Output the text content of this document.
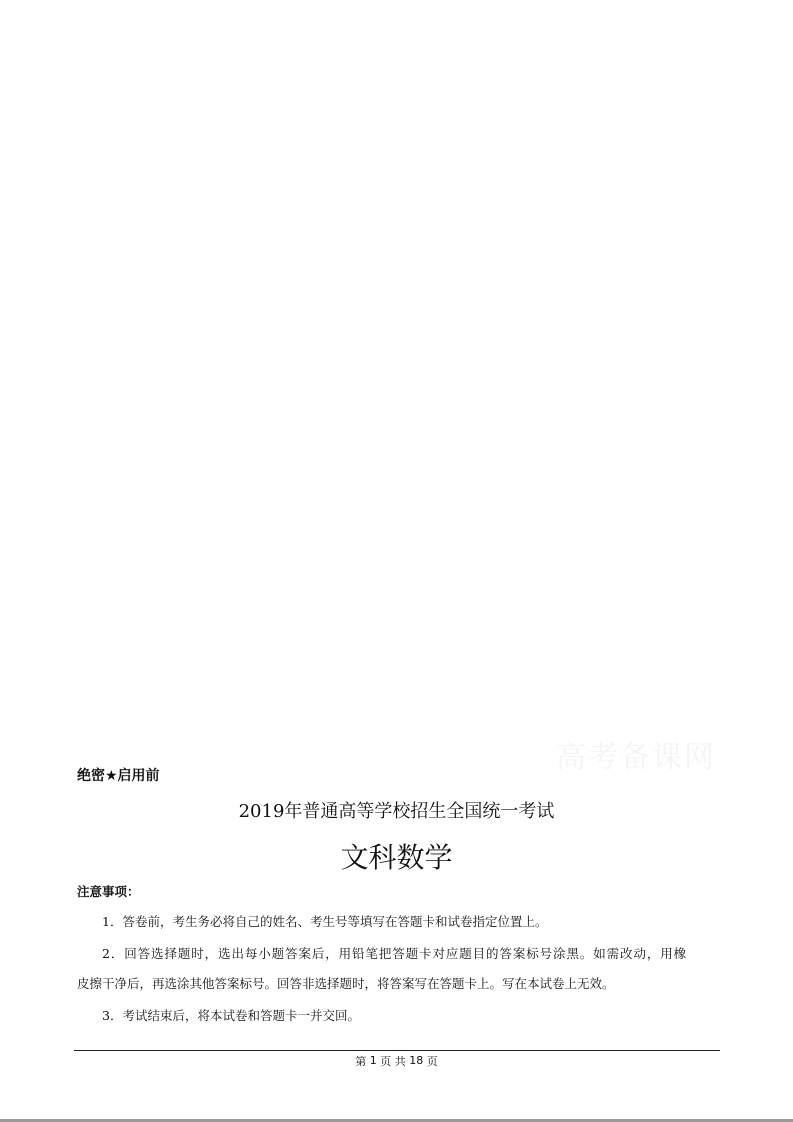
高考备课网
绝密★启用前
2019年普通高等学校招生全国统一考试
文科数学
注意事项：
1．答卷前，考生务必将自己的姓名、考生号等填写在答题卡和试卷指定位置上。
2．回答选择题时，选出每小题答案后，用铅笔把答题卡对应题目的答案标号涂黑。如需改动，用橡
皮擦干净后，再选涂其他答案标号。回答非选择题时，将答案写在答题卡上。写在本试卷上无效。
3．考试结束后，将本试卷和答题卡一并交回。
第 1 页 共 18 页
